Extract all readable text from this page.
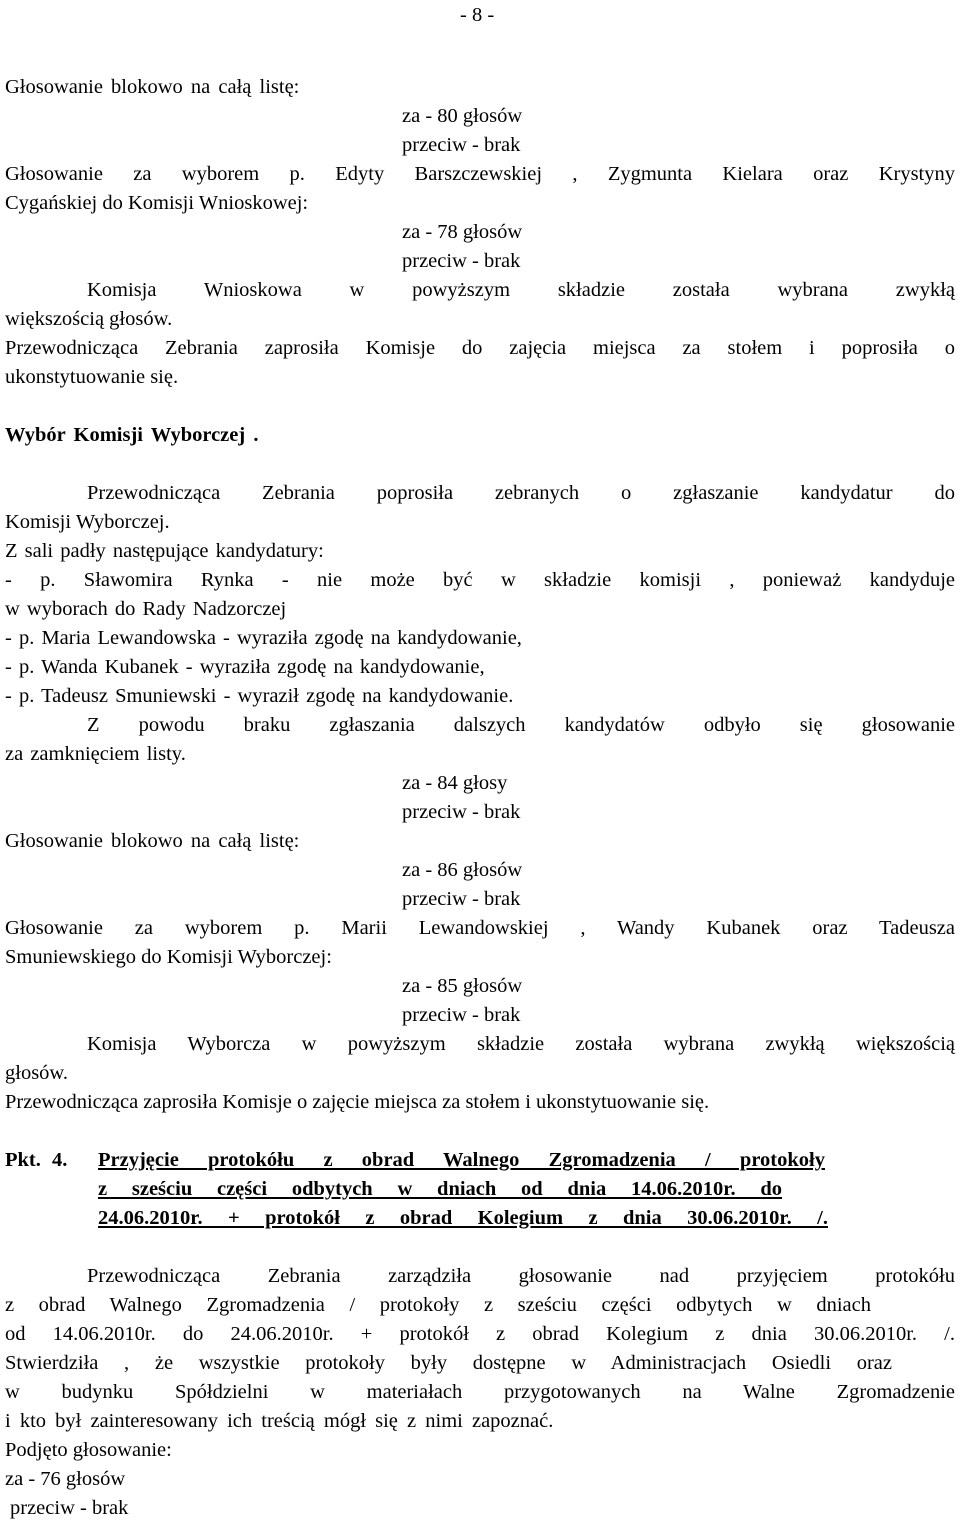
- 8 -
Głosowanie blokowo na całą listę:
za - 80 głosów
przeciw - brak
Głosowanie za wyborem p. Edyty Barszczewskiej , Zygmunta Kielara oraz Krystyny
Cygańskiej do Komisji Wnioskowej:
za - 78 głosów
przeciw - brak
Komisja Wnioskowa w powyższym składzie została wybrana zwykłą
większością głosów.
Przewodnicząca Zebrania zaprosiła Komisje do zajęcia miejsca za stołem i poprosiła o
ukonstytuowanie się.
Wybór Komisji Wyborczej .
Przewodnicząca Zebrania poprosiła zebranych o zgłaszanie kandydatur do
Komisji Wyborczej.
Z sali padły następujące kandydatury:
- p. Sławomira Rynka - nie może być w składzie komisji , ponieważ kandyduje
w wyborach do Rady Nadzorczej
- p. Maria Lewandowska - wyraziła zgodę na kandydowanie,
- p. Wanda Kubanek - wyraziła zgodę na kandydowanie,
- p. Tadeusz Smuniewski - wyraził zgodę na kandydowanie.
Z powodu braku zgłaszania dalszych kandydatów odbyło się głosowanie
za zamknięciem listy.
za - 84 głosy
przeciw - brak
Głosowanie blokowo na całą listę:
za - 86 głosów
przeciw - brak
Głosowanie za wyborem p. Marii Lewandowskiej , Wandy Kubanek oraz Tadeusza
Smuniewskiego do Komisji Wyborczej:
za - 85 głosów
przeciw - brak
Komisja Wyborcza w powyższym składzie została wybrana zwykłą większością
głosów.
Przewodnicząca zaprosiła Komisje o zajęcie miejsca za stołem i ukonstytuowanie się.
Pkt. 4. Przyjęcie protokółu z obrad Walnego Zgromadzenia / protokoły
z sześciu części odbytych w dniach od dnia 14.06.2010r. do
24.06.2010r. + protokół z obrad Kolegium z dnia 30.06.2010r. /.
Przewodnicząca Zebrania zarządziła głosowanie nad przyjęciem protokółu
z obrad Walnego Zgromadzenia / protokoły z sześciu części odbytych w dniach
od 14.06.2010r. do 24.06.2010r. + protokół z obrad Kolegium z dnia 30.06.2010r. /.
Stwierdziła , że wszystkie protokoły były dostępne w Administracjach Osiedli oraz
w budynku Spółdzielni w materiałach przygotowanych na Walne Zgromadzenie
i kto był zainteresowany ich treścią mógł się z nimi zapoznać.
Podjęto głosowanie:
za - 76 głosów
przeciw - brak
